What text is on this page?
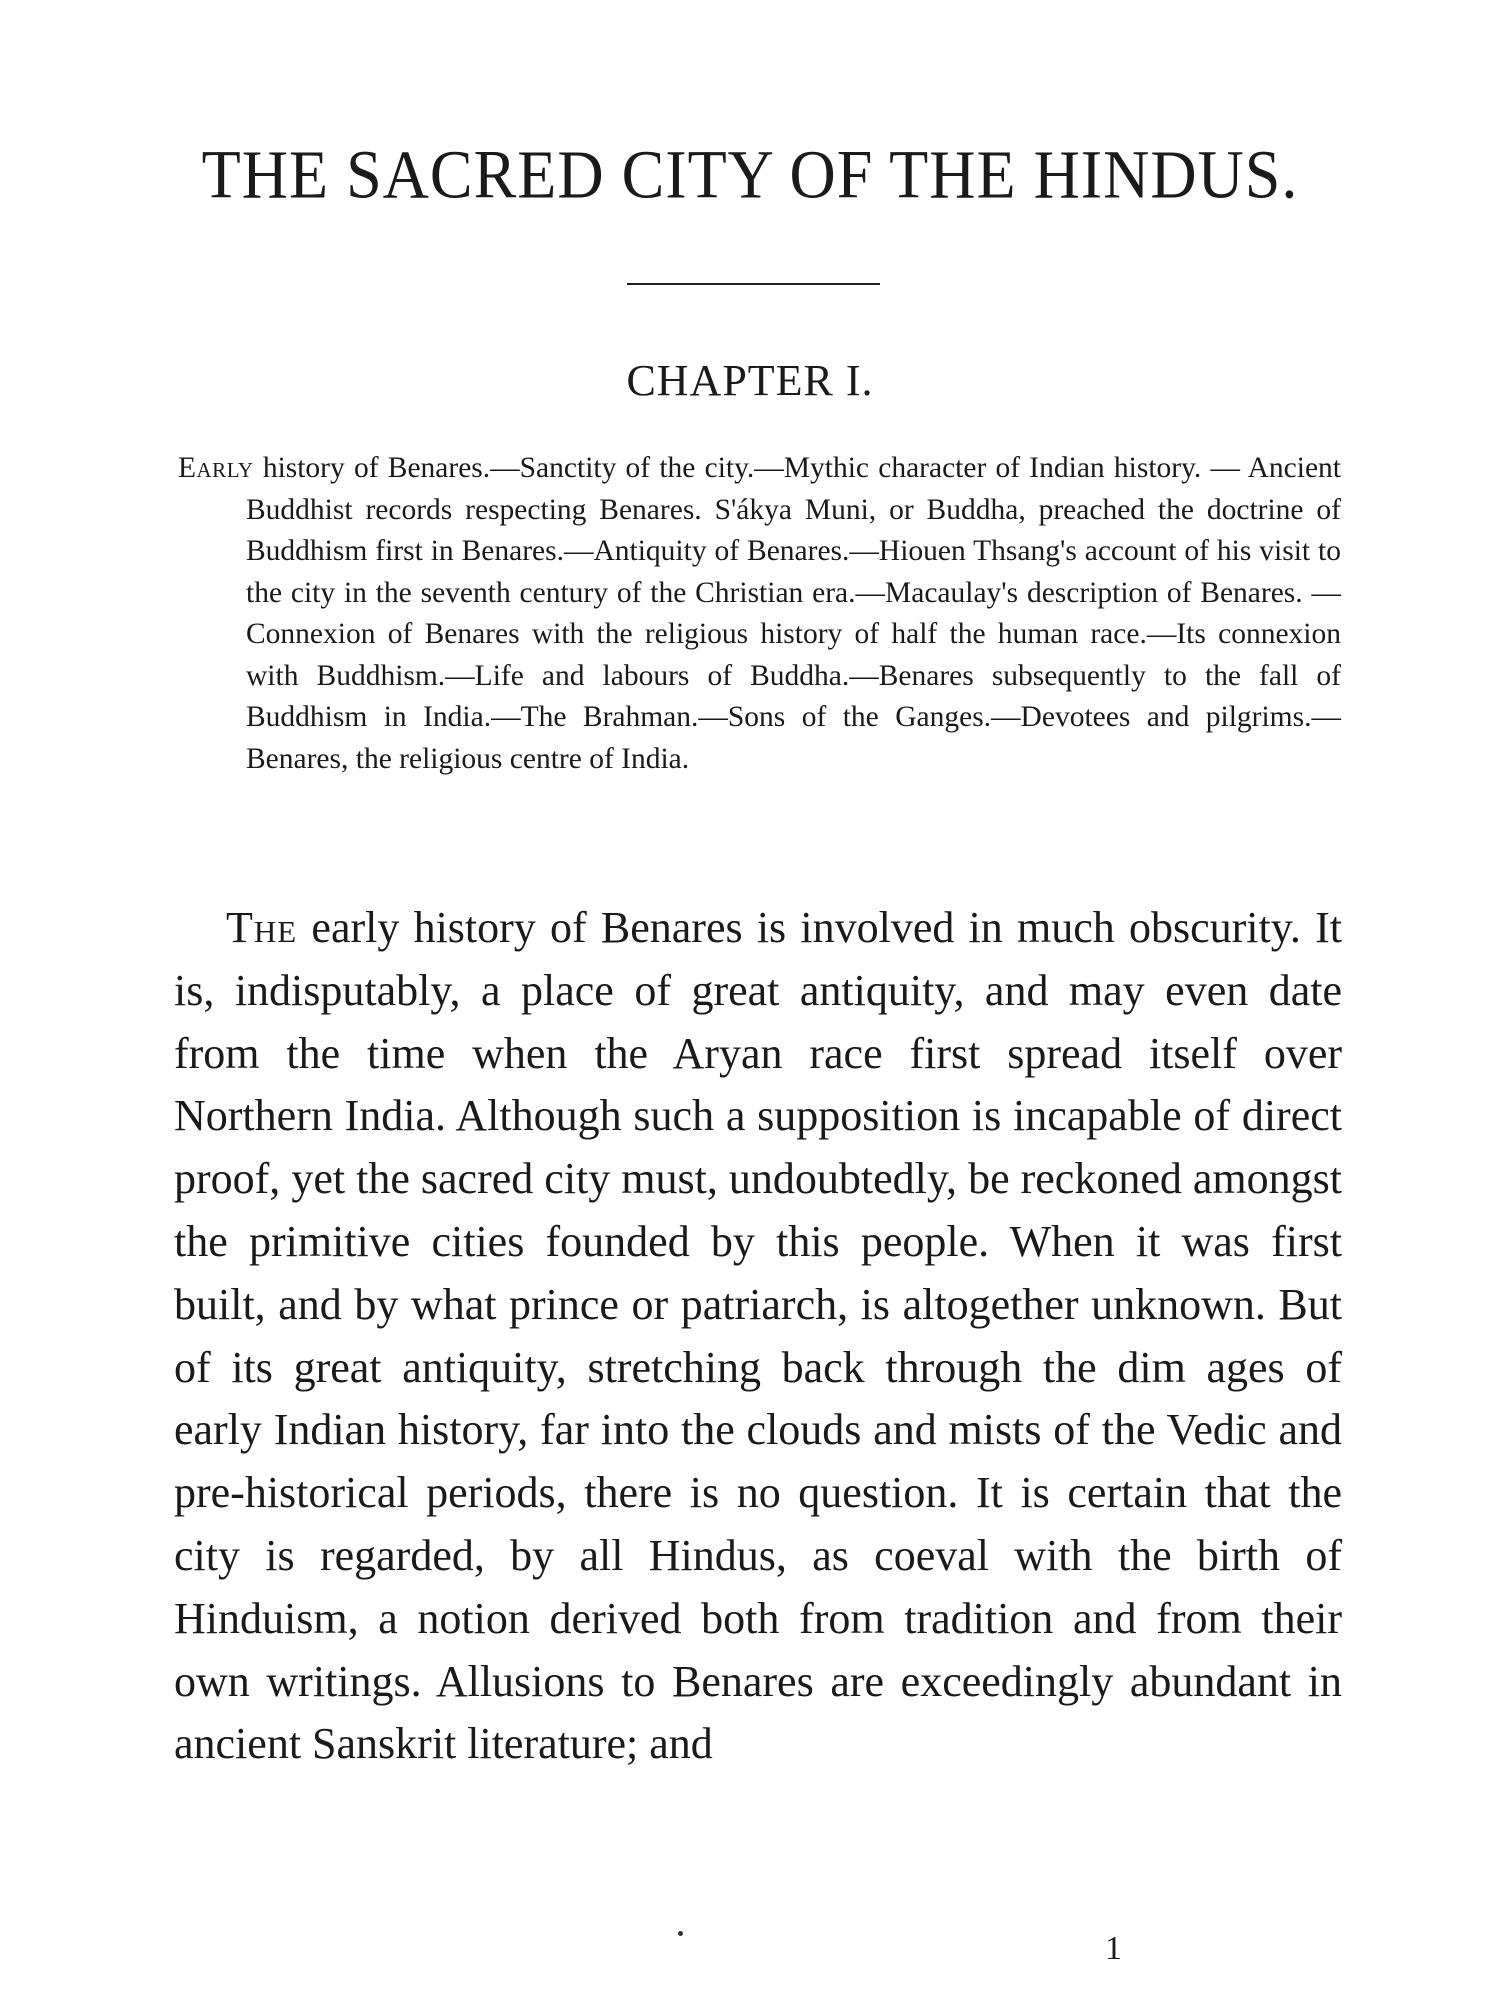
THE SACRED CITY OF THE HINDUS.
CHAPTER I.
Early history of Benares.—Sanctity of the city.—Mythic character of Indian history. — Ancient Buddhist records respecting Benares. S'ákya Muni, or Buddha, preached the doctrine of Buddhism first in Benares.—Antiquity of Benares.—Hiouen Thsang's account of his visit to the city in the seventh century of the Christian era.—Macaulay's description of Benares. — Connexion of Benares with the religious history of half the human race.—Its connexion with Buddhism.—Life and labours of Buddha.—Benares subsequently to the fall of Buddhism in India.—The Brahman.—Sons of the Ganges.—Devotees and pilgrims.—Benares, the religious centre of India.

The early history of Benares is involved in much obscurity. It is, indisputably, a place of great antiquity, and may even date from the time when the Aryan race first spread itself over Northern India. Although such a supposition is incapable of direct proof, yet the sacred city must, undoubtedly, be reckoned amongst the primitive cities founded by this people. When it was first built, and by what prince or patriarch, is altogether unknown. But of its great antiquity, stretching back through the dim ages of early Indian history, far into the clouds and mists of the Vedic and pre-historical periods, there is no question. It is certain that the city is regarded, by all Hindus, as coeval with the birth of Hinduism, a notion derived both from tradition and from their own writings. Allusions to Benares are exceedingly abundant in ancient Sanskrit literature; and

1
